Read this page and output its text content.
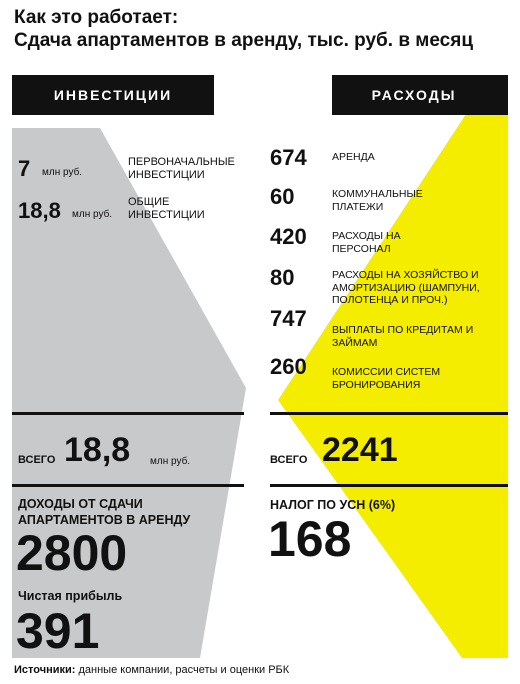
Как это работает:
Сдача апартаментов в аренду, тыс. руб. в месяц
ИНВЕСТИЦИИ	РАСХОДЫ
7 млн руб.
ПЕРВОНАЧАЛЬНЫЕ ИНВЕСТИЦИИ
18,8 млн руб.
ОБЩИЕ ИНВЕСТИЦИИ
674 АРЕНДА
60	КОММУНАЛЬНЫЕ ПЛАТЕЖИ
420 РАСХОДЫ НА ПЕРСОНАЛ
80	РАСХОДЫ НА ХОЗЯЙСТВО И АМОРТИЗАЦИЮ (ШАМПУНИ, ПОЛОТЕНЦА И ПРОЧ.)
747 ВЫПЛАТЫ ПО КРЕДИТАМ И ЗАЙМАМ
260 КОМИССИИ СИСТЕМ БРОНИРОВАНИЯ
ВСЕГО 18,8 млн руб.	ВСЕГО 2241
ДОХОДЫ ОТ СДАЧИ
АПАРТАМЕНТОВ В АРЕНДУ
2800
Чистая прибыль
391
НАЛОГ ПО УСН (6%)
168
Источники: данные компании, расчеты и оценки РБК
